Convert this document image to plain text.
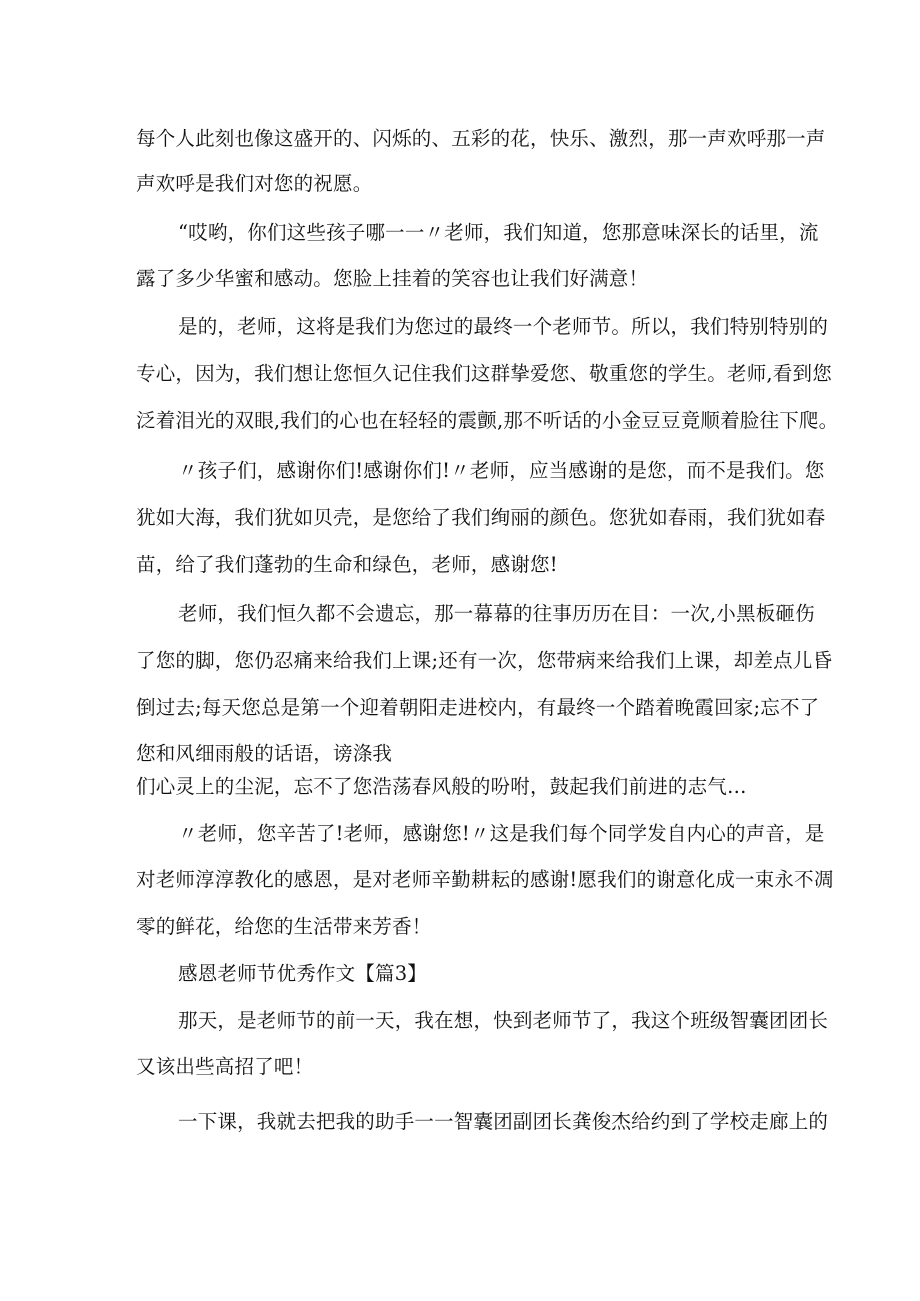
每个人此刻也像这盛开的、闪烁的、五彩的花，快乐、激烈，那一声欢呼那一声
声欢呼是我们对您的祝愿。
“哎哟，你们这些孩子哪一一〃老师，我们知道，您那意味深长的话里，流
露了多少华蜜和感动。您脸上挂着的笑容也让我们好满意！
是的，老师，这将是我们为您过的最终一个老师节。所以，我们特别特别的
专心，因为，我们想让您恒久记住我们这群挚爱您、敬重您的学生。老师,看到您
泛着泪光的双眼,我们的心也在轻轻的震颤,那不听话的小金豆豆竟顺着脸往下爬。
〃孩子们，感谢你们!感谢你们!〃老师，应当感谢的是您，而不是我们。您
犹如大海，我们犹如贝壳，是您给了我们绚丽的颜色。您犹如春雨，我们犹如春
苗，给了我们蓬勃的生命和绿色，老师，感谢您!
老师，我们恒久都不会遗忘，那一幕幕的往事历历在目：一次,小黑板砸伤
了您的脚，您仍忍痛来给我们上课;还有一次，您带病来给我们上课，却差点儿昏
倒过去;每天您总是第一个迎着朝阳走进校内，有最终一个踏着晚霞回家;忘不了
您和风细雨般的话语，谤涤我
们心灵上的尘泥，忘不了您浩荡春风般的吩咐，鼓起我们前进的志气…
〃老师，您辛苦了!老师，感谢您!〃这是我们每个同学发自内心的声音，是
对老师淳淳教化的感恩，是对老师辛勤耕耘的感谢!愿我们的谢意化成一束永不凋
零的鲜花，给您的生活带来芳香！
感恩老师节优秀作文【篇3】
那天，是老师节的前一天，我在想，快到老师节了，我这个班级智囊团团长
又该出些高招了吧！
一下课，我就去把我的助手一一智囊团副团长龚俊杰给约到了学校走廊上的
